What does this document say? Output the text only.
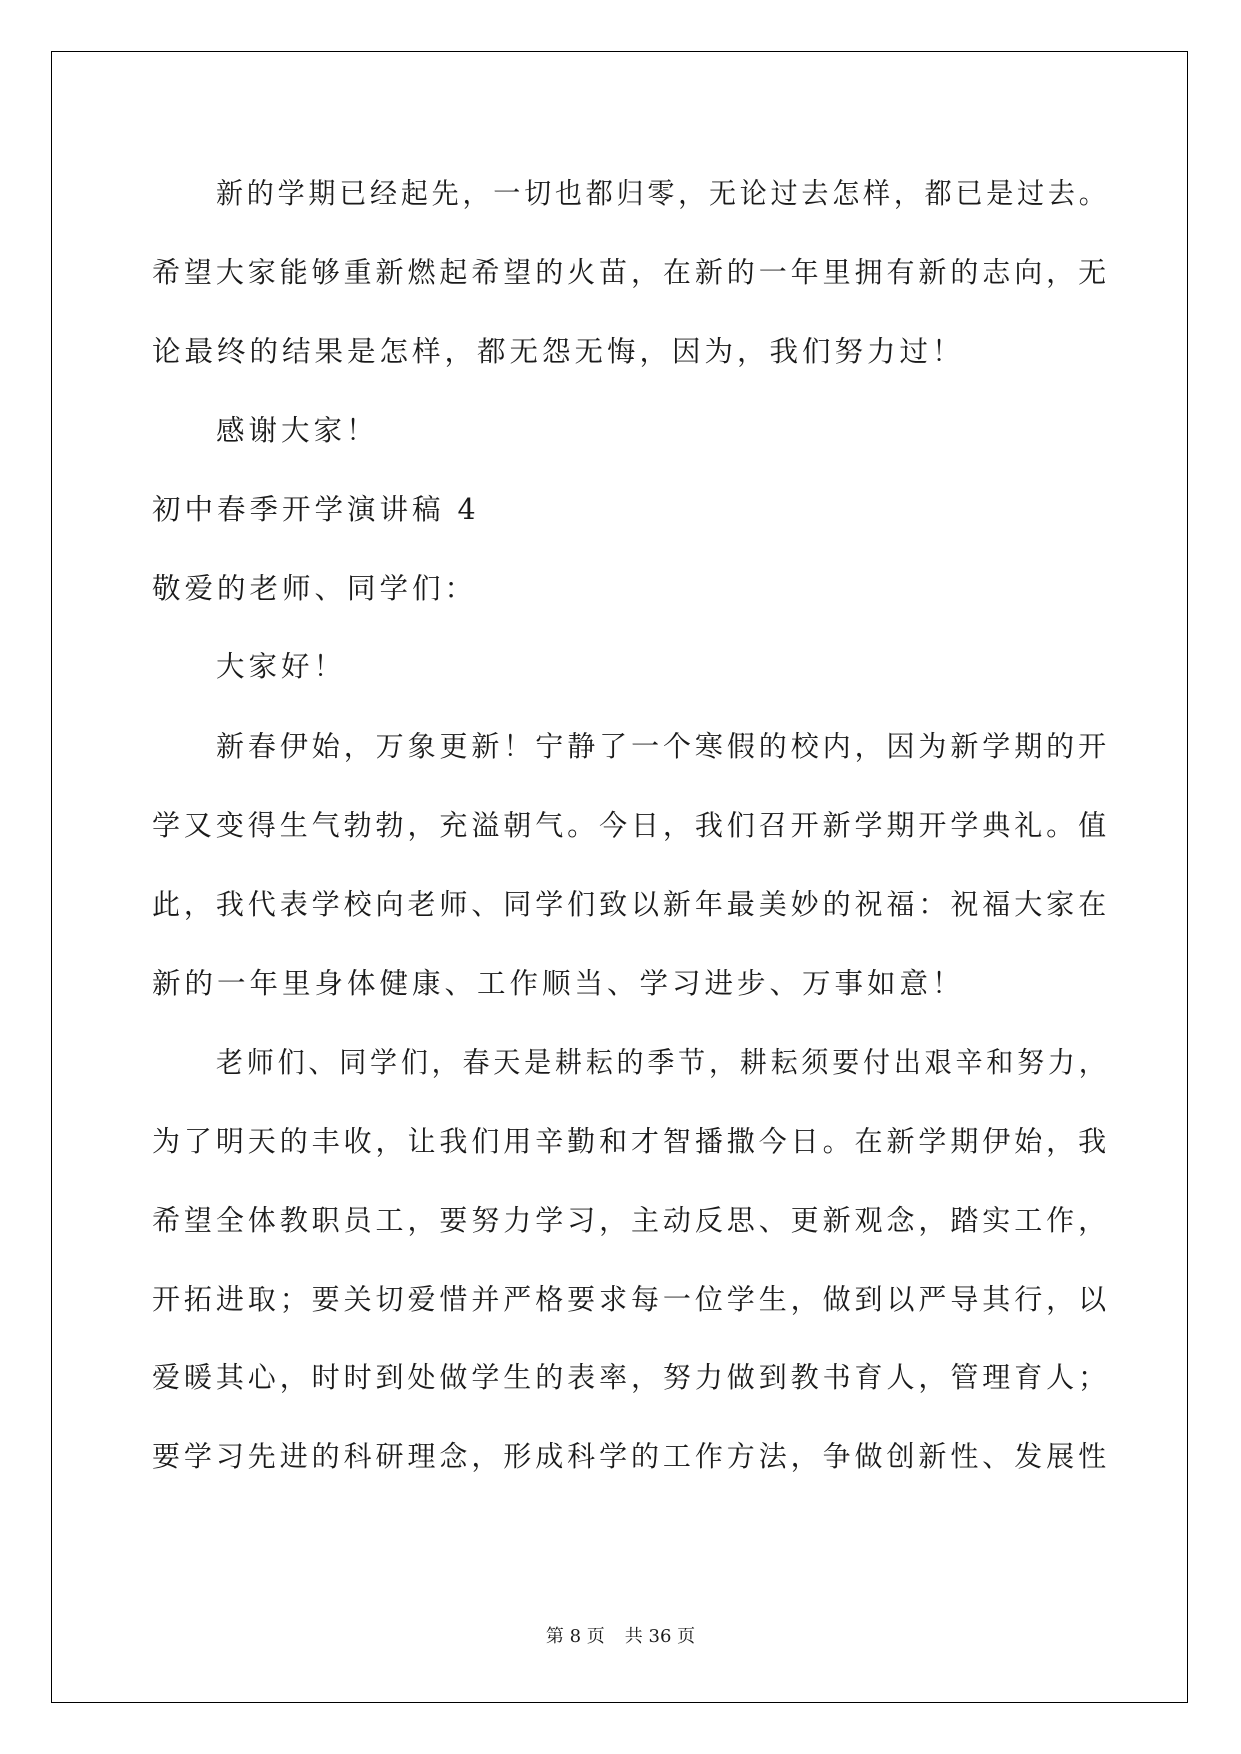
新的学期已经起先，一切也都归零，无论过去怎样，都已是过去。

希望大家能够重新燃起希望的火苗，在新的一年里拥有新的志向，无

论最终的结果是怎样，都无怨无悔，因为，我们努力过！

感谢大家！

初中春季开学演讲稿 4

敬爱的老师、同学们：

大家好！

新春伊始，万象更新！宁静了一个寒假的校内，因为新学期的开

学又变得生气勃勃，充溢朝气。今日，我们召开新学期开学典礼。值

此，我代表学校向老师、同学们致以新年最美妙的祝福：祝福大家在

新的一年里身体健康、工作顺当、学习进步、万事如意！

老师们、同学们，春天是耕耘的季节，耕耘须要付出艰辛和努力，

为了明天的丰收，让我们用辛勤和才智播撒今日。在新学期伊始，我

希望全体教职员工，要努力学习，主动反思、更新观念，踏实工作，

开拓进取；要关切爱惜并严格要求每一位学生，做到以严导其行，以

爱暖其心，时时到处做学生的表率，努力做到教书育人，管理育人；

要学习先进的科研理念，形成科学的工作方法，争做创新性、发展性

第 8 页 共 36 页
